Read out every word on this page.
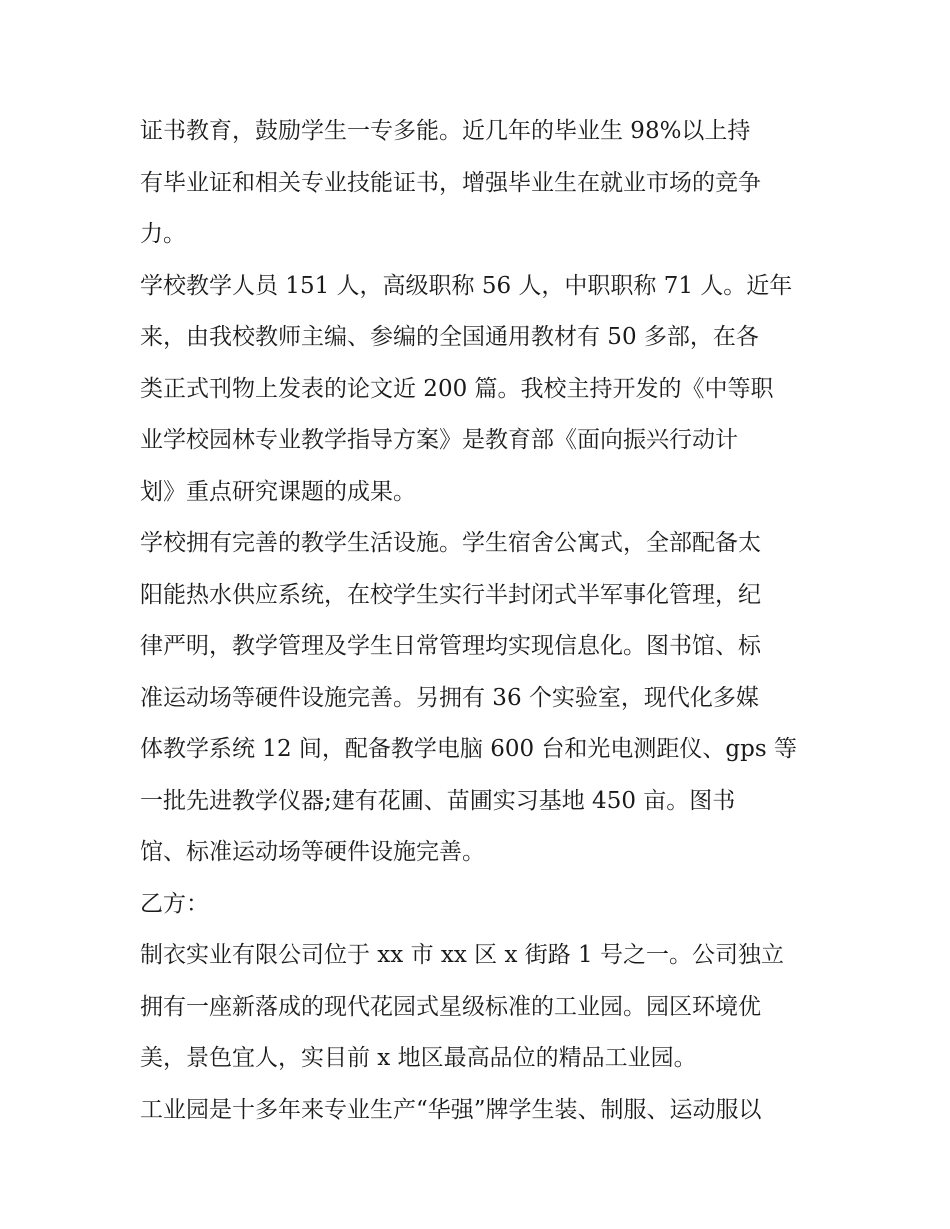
证书教育，鼓励学生一专多能。近几年的毕业生 98%以上持
有毕业证和相关专业技能证书，增强毕业生在就业市场的竞争
力。

学校教学人员 151 人，高级职称 56 人，中职职称 71 人。近年
来，由我校教师主编、参编的全国通用教材有 50 多部，在各
类正式刊物上发表的论文近 200 篇。我校主持开发的《中等职
业学校园林专业教学指导方案》是教育部《面向振兴行动计
划》重点研究课题的成果。

学校拥有完善的教学生活设施。学生宿舍公寓式，全部配备太
阳能热水供应系统，在校学生实行半封闭式半军事化管理，纪
律严明，教学管理及学生日常管理均实现信息化。图书馆、标
准运动场等硬件设施完善。另拥有 36 个实验室，现代化多媒
体教学系统 12 间，配备教学电脑 600 台和光电测距仪、gps 等
一批先进教学仪器;建有花圃、苗圃实习基地 450 亩。图书
馆、标准运动场等硬件设施完善。

乙方：

制衣实业有限公司位于 xx 市 xx 区 x 街路 1 号之一。公司独立
拥有一座新落成的现代花园式星级标准的工业园。园区环境优
美，景色宜人，实目前 x 地区最高品位的精品工业园。

工业园是十多年来专业生产“华强”牌学生装、制服、运动服以
